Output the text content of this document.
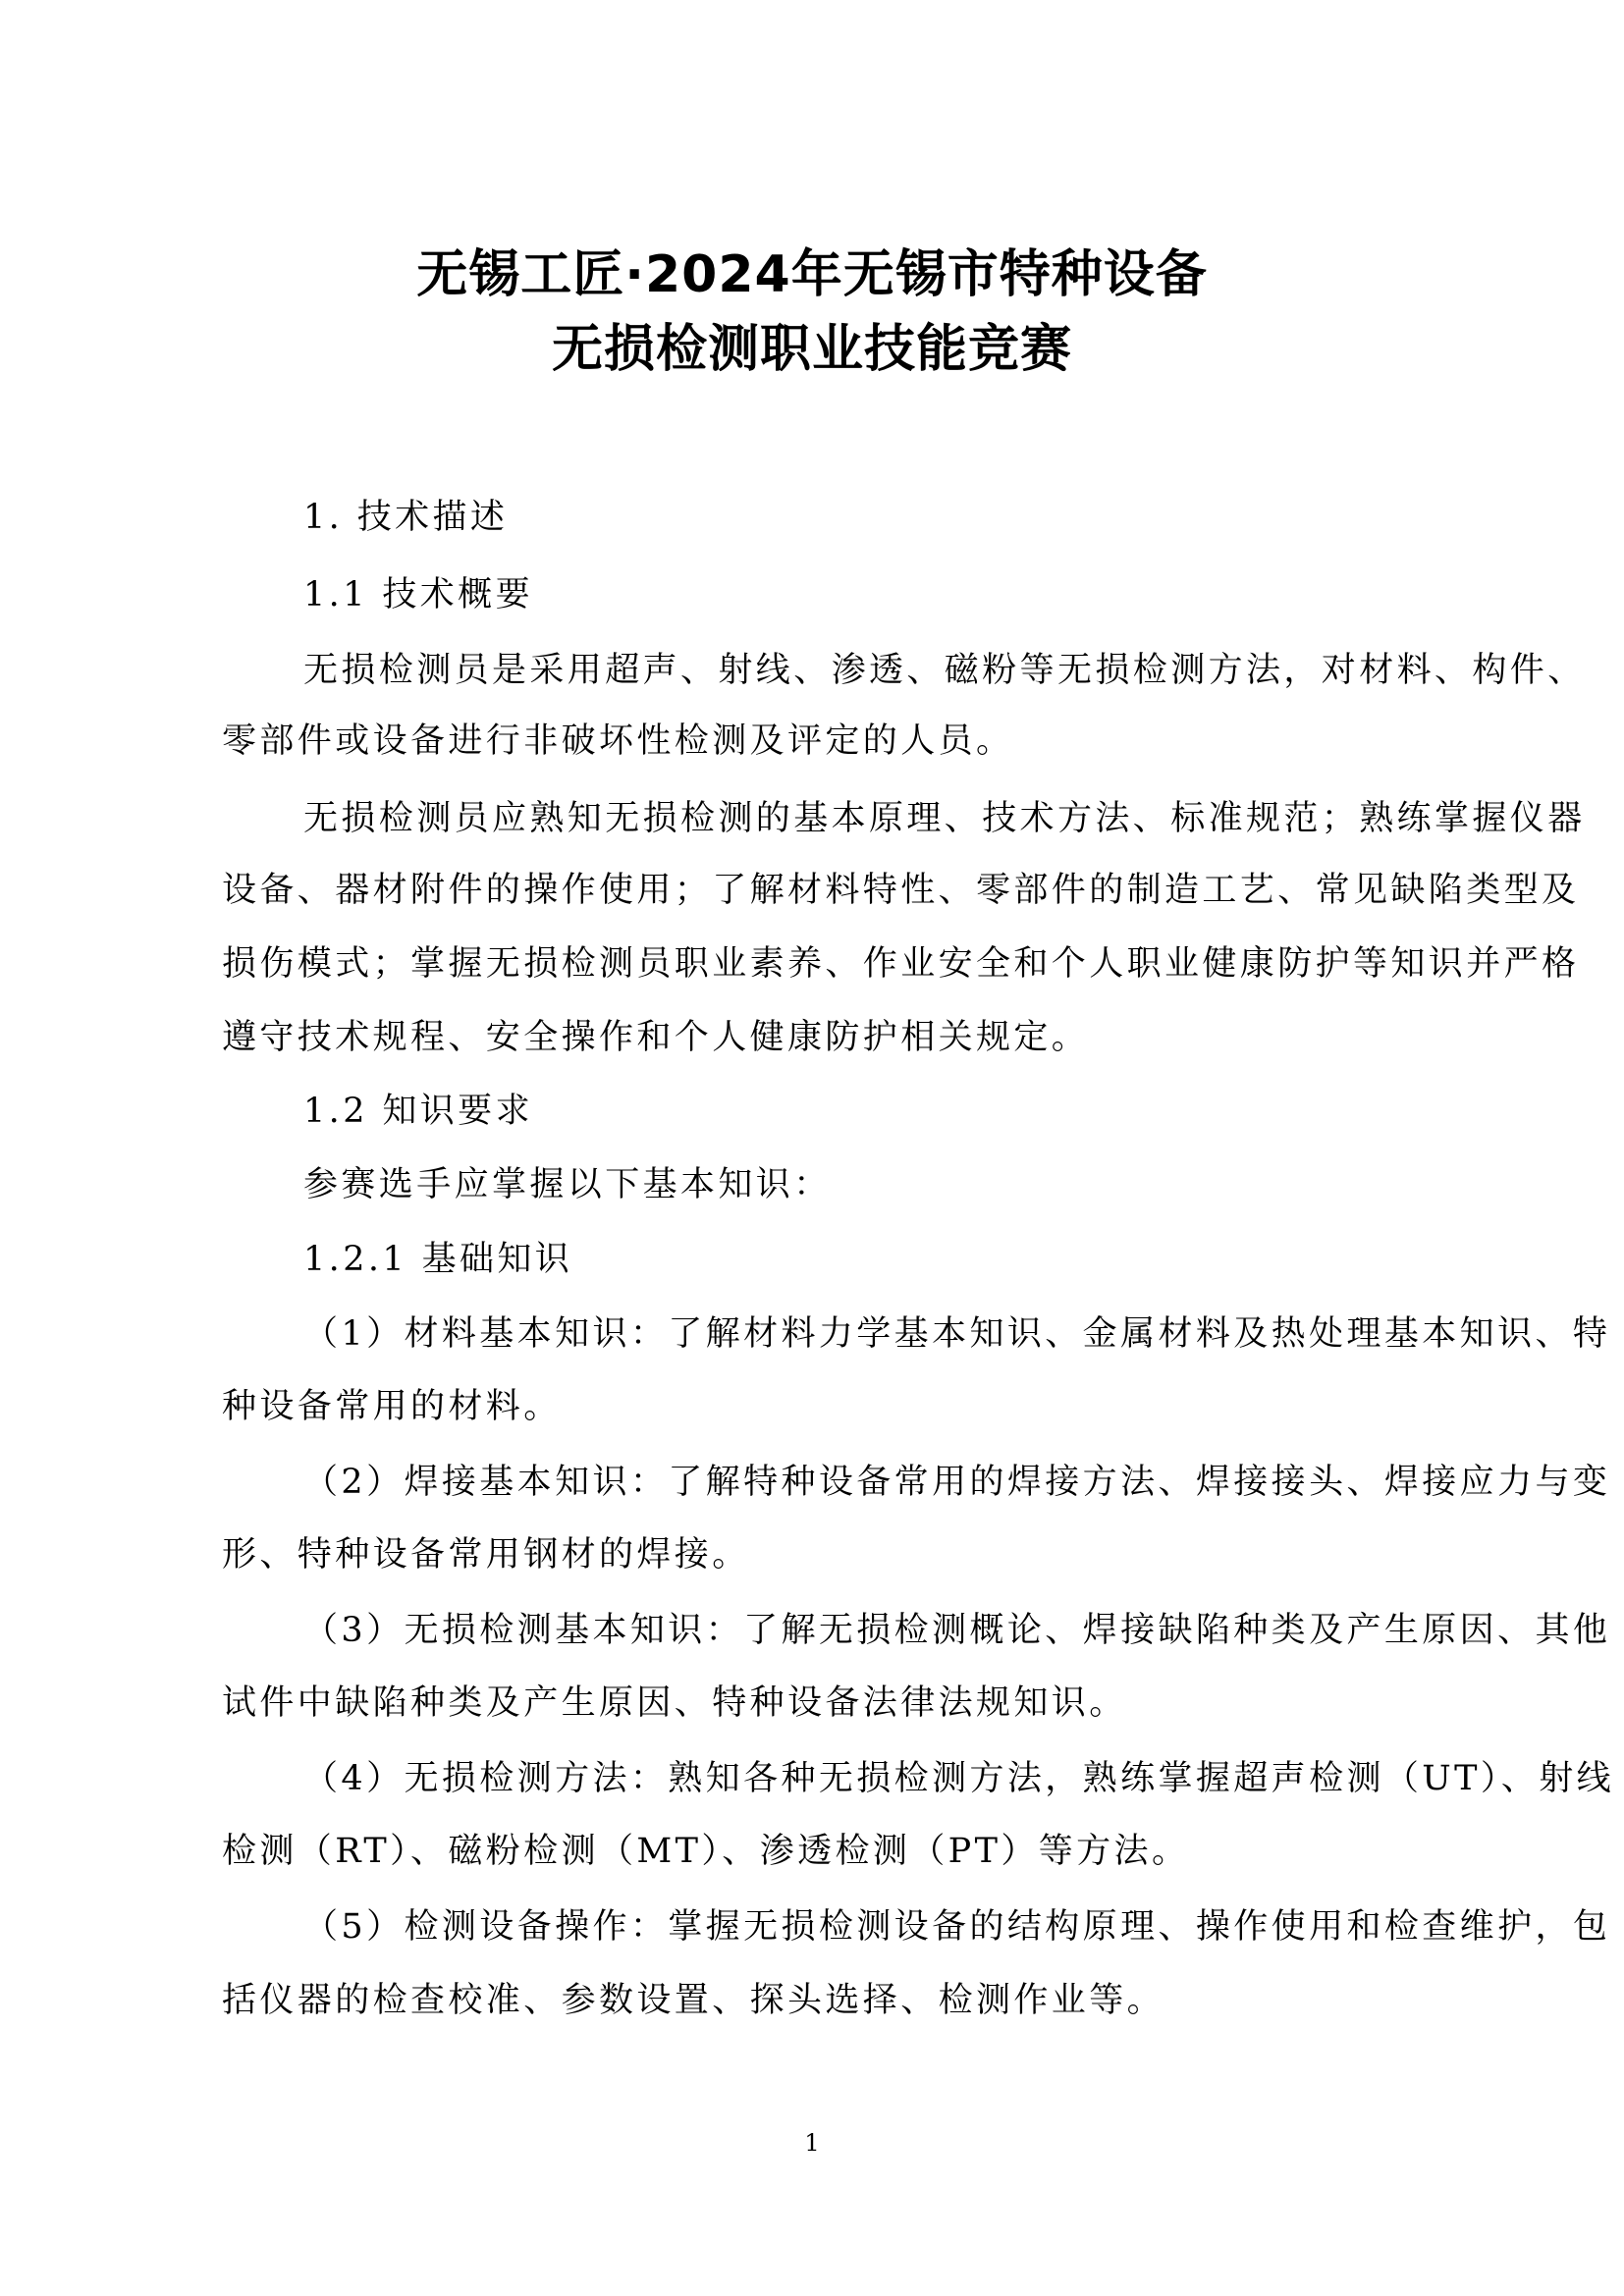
无锡工匠·2024年无锡市特种设备
无损检测职业技能竞赛
1. 技术描述
1.1 技术概要
无损检测员是采用超声、射线、渗透、磁粉等无损检测方法，对材料、构件、
零部件或设备进行非破坏性检测及评定的人员。
无损检测员应熟知无损检测的基本原理、技术方法、标准规范；熟练掌握仪器
设备、器材附件的操作使用；了解材料特性、零部件的制造工艺、常见缺陷类型及
损伤模式；掌握无损检测员职业素养、作业安全和个人职业健康防护等知识并严格
遵守技术规程、安全操作和个人健康防护相关规定。
1.2 知识要求
参赛选手应掌握以下基本知识：
1.2.1 基础知识
（1）材料基本知识：了解材料力学基本知识、金属材料及热处理基本知识、特
种设备常用的材料。
（2）焊接基本知识：了解特种设备常用的焊接方法、焊接接头、焊接应力与变
形、特种设备常用钢材的焊接。
（3）无损检测基本知识：了解无损检测概论、焊接缺陷种类及产生原因、其他
试件中缺陷种类及产生原因、特种设备法律法规知识。
（4）无损检测方法：熟知各种无损检测方法，熟练掌握超声检测（UT）、射线
检测（RT）、磁粉检测（MT）、渗透检测（PT）等方法。
（5）检测设备操作：掌握无损检测设备的结构原理、操作使用和检查维护，包
括仪器的检查校准、参数设置、探头选择、检测作业等。
1
